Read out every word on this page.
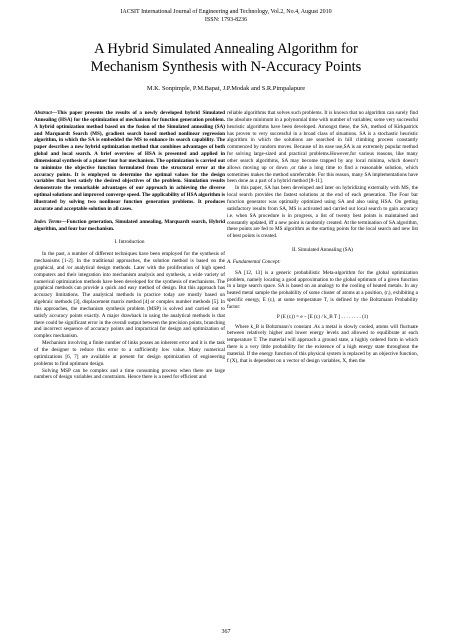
IACSIT International Journal of Engineering and Technology, Vol.2, No.4, August 2010
ISSN: 1793-8236
A Hybrid Simulated Annealing Algorithm for
Mechanism Synthesis with N-Accuracy Points
M.K. Sonpimple, P.M.Bapat, J.P.Modak and S.R.Pimpalapure

Abstract—This paper presents the results of a newly developed hybrid Simulated Annealing (HSA) for the optimization of mechanism for function generation problem. A hybrid optimization method based on the fusion of the Simulated annealing (SA) and Marquardt Search (MS), gradient search based method nonlinear regression algorithm, in which the SA is embedded the MS to enhance its search capability. The paper describes a new hybrid optimization method that combines advantages of both global and local search. A brief overview of HSA is presented and applied in dimensional synthesis of a planer four bar mechanism. The optimization is carried out to minimize the objective function formulated from the structural error at the accuracy points. It is employed to determine the optimal values for the design variables that best satisfy the desired objectives of the problem. Simulation results demonstrate the remarkable advantages of our approach in achieving the diverse optimal solutions and improved converge speed. The applicability of HSA algorithm is illustrated by solving two nonlinear function generation problems. It produces accurate and acceptable solution in all cases.

Index Terms—Function generation, Simulated annealing, Marquardt search, Hybrid algorithm, and four bar mechanism.

I. Introduction

In the past, a number of different techniques have been employed for the synthesis of mechanisms [1-2]. In the traditional approaches, the solution method is based on the graphical, and /or analytical design methods. Later with the proliferation of high speed computers and their integration into mechanism analysis and synthesis, a wide variety of numerical optimization methods have been developed for the synthesis of mechanisms. The graphical methods can provide a quick and easy method of design. But this approach has accuracy limitations. The analytical methods in practice today are mostly based on algebraic methods [3], displacement matrix method [4] or complex number methods [5]. In this approaches, the mechanism synthesis problem (MSP) is solved and carried out to satisfy accuracy points exactly. A major drawback in using the analytical methods is that there could be significant error in the overall output between the precision points, branching and incorrect sequence of accuracy points and impractical for design and optimization of complex mechanism.

Mechanism involving a finite number of links posses an inherent error and it is the task of the designer to reduce this error to a sufficiently low value. Many numerical optimizations [6, 7] are available at present for design optimization of engineering problems to find optimum design.

Solving MSP can be complex and a time consuming process when there are large numbers of design variables and constraints. Hence there is a need for efficient and

reliable algorithms that solves such problems. It is known that no algorithm can surely find the absolute minimum in a polynomial time with number of variables; some very successful heuristic algorithms have been developed. Amongst these, the SA, method of Kirkpatrick has proven to very successful in a broad class of situations. SA is a stochastic heuristic algorithm in which the solutions are searched in hill climbing process constantly commenced by random moves. Because of its ease use,SA is an extremely popular method for solving large-sized and practical problems.However,for various reasons, like many other search algorithms, SA may become trapped by any local minima, which doesn’t allows moving up or down ,or take a long time to find a reasonable solution, which sometimes makes the method unreferrable. For this reason, many SA implementations have been done as a part of a hybrid method [8-11].

In this paper, SA has been developed and later on hybridizing externally with MS, the local search provides the fastest solutions at the end of each generation. The Four bar function generator was optimally optimized using SA and also using HSA. On getting satisfactory results from SA, MS is activated and carried out local search to gain accuracy i.e. when SA procedure is in progress, a list of twenty best points is maintained and constantly updated, iff a new point is randomly created. At the termination of SA algorithm, these points are fed to MS algorithm as the starting points for the local search and new list of best points is created.

II. Simulated Annealing (SA)

A. Fundamental Concept:

SA [12, 13] is a generic probabilistic Meta-algorithm for the global optimization problem, namely locating a good approximation to the global optimum of a given function in a large search space. SA is based on an analogy to the cooling of heated metals. In any heated metal sample the probability of some cluster of atoms at a position, (rᵢ), exhibiting a specific energy, E (rᵢ), at some temperature T, is defined by the Boltzmann Probability factor:

P (E (rᵢ)) = e – [E (rᵢ) / k_B T ] . . . . . . . . (1)

Where k_B is Boltzmann’s constant .As a metal is slowly cooled, atoms will fluctuate between relatively higher and lower energy levels and allowed to equilibrate at each temperature T. The material will approach a ground state, a highly ordered form in which there is a very little probability for the existence of a high energy state throughout the material. If the energy function of this physical system is replaced by an objective function, f (X), that is dependent on a vector of design variables, X, then the

367
